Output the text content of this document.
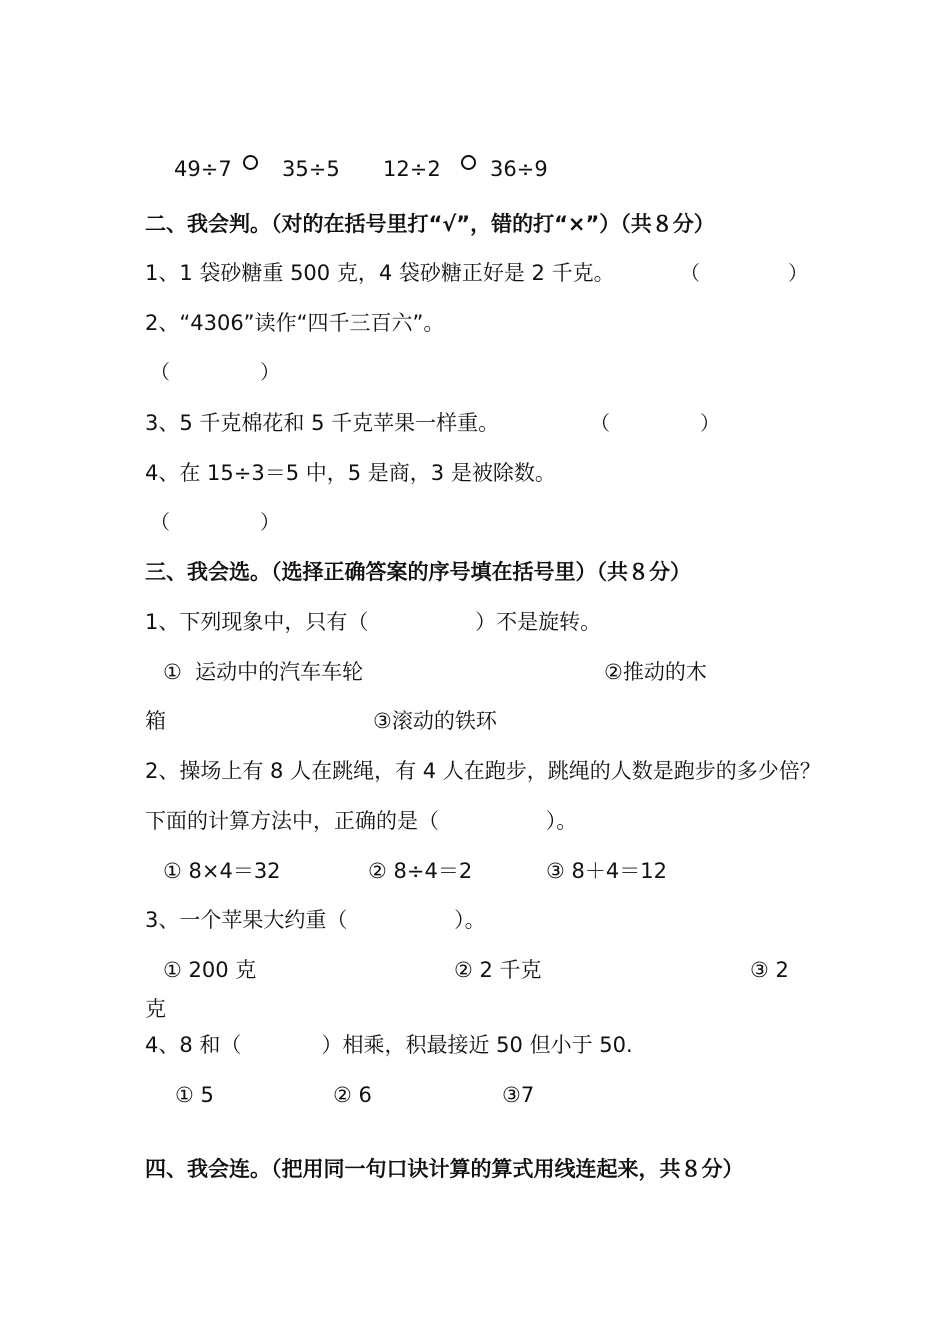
49÷7 35÷5 12÷2 36÷9
二、我会判。（对的在括号里打“√”，错的打“×”）（共８分）
1、1 袋砂糖重 500 克，4 袋砂糖正好是 2 千克。	（	）
2、“4306”读作“四千三百六”。
（	）
3、5 千克棉花和 5 千克苹果一样重。	（	）
4、在 15÷3＝5 中，5 是商，3 是被除数。
（	）
三、我会选。（选择正确答案的序号填在括号里）（共８分）
1、下列现象中，只有（                ）不是旋转。
①  运动中的汽车车轮	②推动的木
箱	③滚动的铁环
2、操场上有 8 人在跳绳，有 4 人在跑步，跳绳的人数是跑步的多少倍？
下面的计算方法中，正确的是（                ）。
① 8×4＝32	② 8÷4＝2	③ 8＋4＝12
3、一个苹果大约重（                ）。
① 200 克	② 2 千克	③ 2
克
4、8 和（            ）相乘，积最接近 50 但小于 50.
① 5	② 6	③7
四、我会连。（把用同一句口诀计算的算式用线连起来，共８分）
